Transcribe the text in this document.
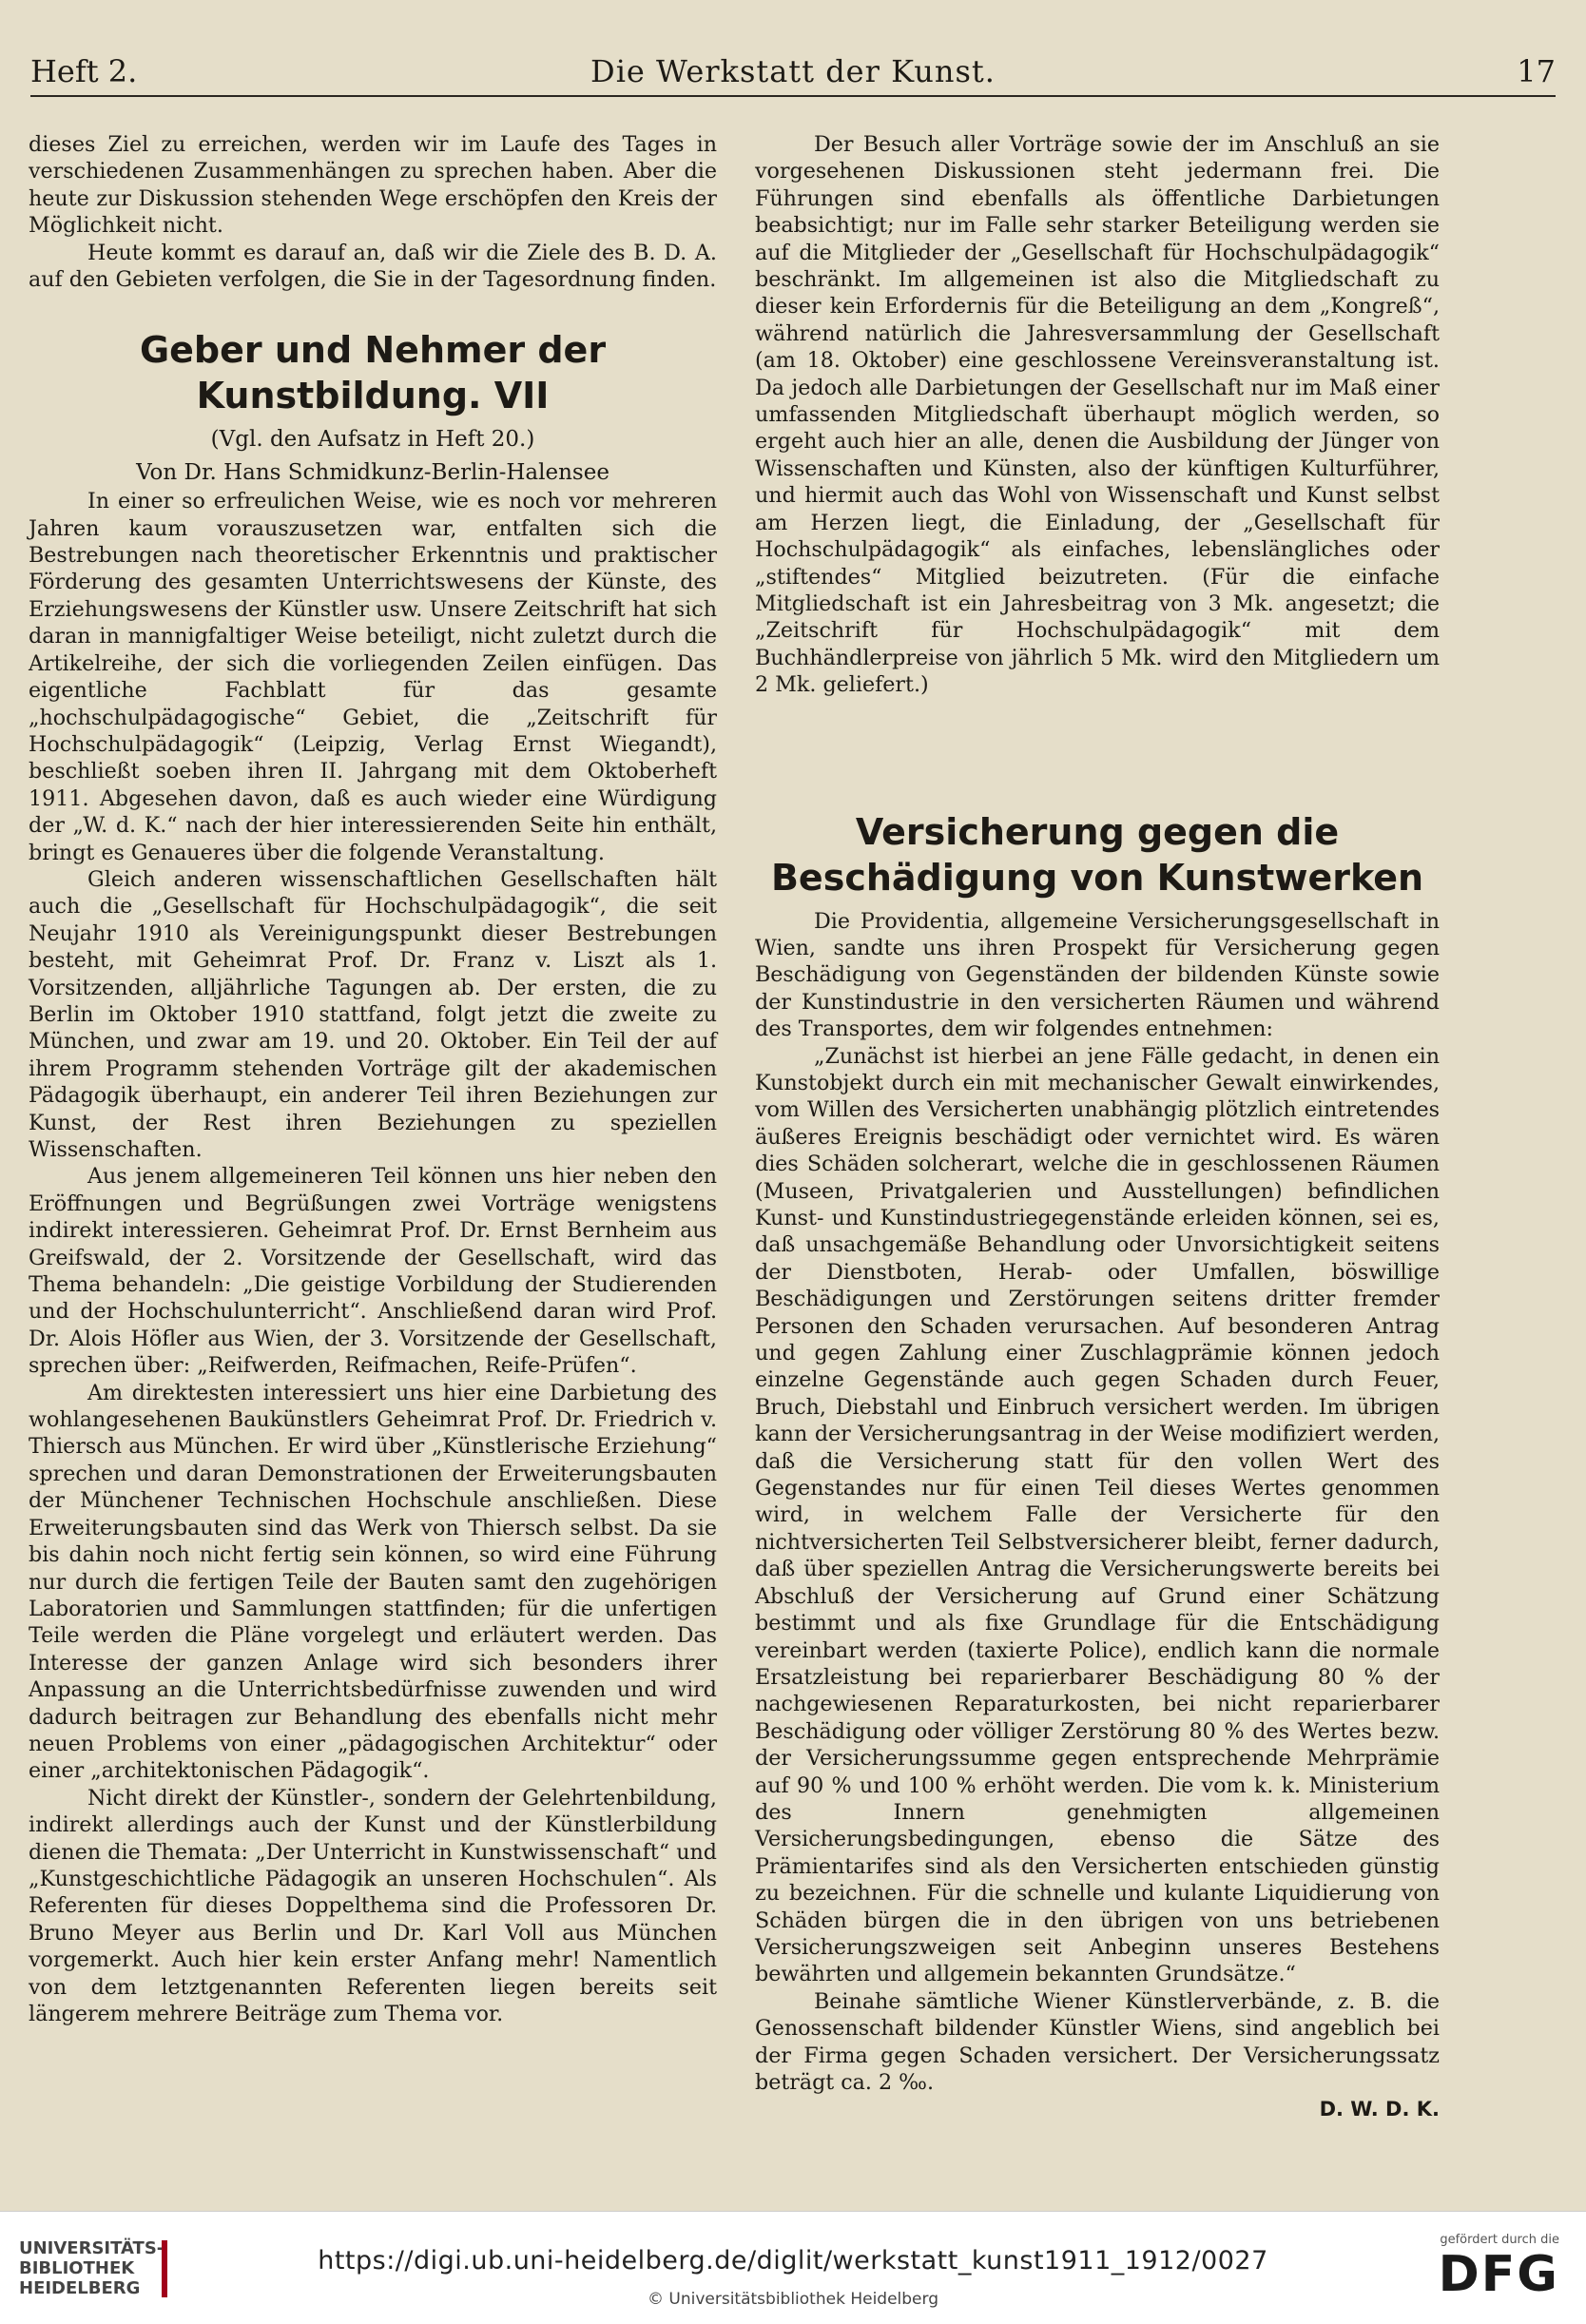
Heft 2.	Die Werkstatt der Kunst.	17

dieses Ziel zu erreichen, werden wir im Laufe des Tages in verschiedenen Zusammenhängen zu sprechen haben. Aber die heute zur Diskussion stehenden Wege erschöpfen den Kreis der Möglichkeit nicht.

Heute kommt es darauf an, daß wir die Ziele des B. D. A. auf den Gebieten verfolgen, die Sie in der Tagesordnung finden.

Geber und Nehmer der Kunstbildung. VII
(Vgl. den Aufsatz in Heft 20.)
Von Dr. Hans Schmidkunz-Berlin-Halensee

In einer so erfreulichen Weise, wie es noch vor mehreren Jahren kaum vorauszusetzen war, entfalten sich die Bestrebungen nach theoretischer Erkenntnis und praktischer Förderung des gesamten Unterrichtswesens der Künste, des Erziehungswesens der Künstler usw. Unsere Zeitschrift hat sich daran in mannigfaltiger Weise beteiligt, nicht zuletzt durch die Artikelreihe, der sich die vorliegenden Zeilen einfügen. Das eigentliche Fachblatt für das gesamte „hochschulpädagogische“ Gebiet, die „Zeitschrift für Hochschulpädagogik“ (Leipzig, Verlag Ernst Wiegandt), beschließt soeben ihren II. Jahrgang mit dem Oktoberheft 1911. Abgesehen davon, daß es auch wieder eine Würdigung der „W. d. K.“ nach der hier interessierenden Seite hin enthält, bringt es Genaueres über die folgende Veranstaltung.

Gleich anderen wissenschaftlichen Gesellschaften hält auch die „Gesellschaft für Hochschulpädagogik“, die seit Neujahr 1910 als Vereinigungspunkt dieser Bestrebungen besteht, mit Geheimrat Prof. Dr. Franz v. Liszt als 1. Vorsitzenden, alljährliche Tagungen ab. Der ersten, die zu Berlin im Oktober 1910 stattfand, folgt jetzt die zweite zu München, und zwar am 19. und 20. Oktober. Ein Teil der auf ihrem Programm stehenden Vorträge gilt der akademischen Pädagogik überhaupt, ein anderer Teil ihren Beziehungen zur Kunst, der Rest ihren Beziehungen zu speziellen Wissenschaften.

Aus jenem allgemeineren Teil können uns hier neben den Eröffnungen und Begrüßungen zwei Vorträge wenigstens indirekt interessieren. Geheimrat Prof. Dr. Ernst Bernheim aus Greifswald, der 2. Vorsitzende der Gesellschaft, wird das Thema behandeln: „Die geistige Vorbildung der Studierenden und der Hochschulunterricht“. Anschließend daran wird Prof. Dr. Alois Höfler aus Wien, der 3. Vorsitzende der Gesellschaft, sprechen über: „Reifwerden, Reifmachen, Reife-Prüfen“.

Am direktesten interessiert uns hier eine Darbietung des wohlangesehenen Baukünstlers Geheimrat Prof. Dr. Friedrich v. Thiersch aus München. Er wird über „Künstlerische Erziehung“ sprechen und daran Demonstrationen der Erweiterungsbauten der Münchener Technischen Hochschule anschließen. Diese Erweiterungsbauten sind das Werk von Thiersch selbst. Da sie bis dahin noch nicht fertig sein können, so wird eine Führung nur durch die fertigen Teile der Bauten samt den zugehörigen Laboratorien und Sammlungen stattfinden; für die unfertigen Teile werden die Pläne vorgelegt und erläutert werden. Das Interesse der ganzen Anlage wird sich besonders ihrer Anpassung an die Unterrichtsbedürfnisse zuwenden und wird dadurch beitragen zur Behandlung des ebenfalls nicht mehr neuen Problems von einer „pädagogischen Architektur“ oder einer „architektonischen Pädagogik“.

Nicht direkt der Künstler-, sondern der Gelehrtenbildung, indirekt allerdings auch der Kunst und der Künstlerbildung dienen die Themata: „Der Unterricht in Kunstwissenschaft“ und „Kunstgeschichtliche Pädagogik an unseren Hochschulen“. Als Referenten für dieses Doppelthema sind die Professoren Dr. Bruno Meyer aus Berlin und Dr. Karl Voll aus München vorgemerkt. Auch hier kein erster Anfang mehr! Namentlich von dem letztgenannten Referenten liegen bereits seit längerem mehrere Beiträge zum Thema vor.

Der Besuch aller Vorträge sowie der im Anschluß an sie vorgesehenen Diskussionen steht jedermann frei. Die Führungen sind ebenfalls als öffentliche Darbietungen beabsichtigt; nur im Falle sehr starker Beteiligung werden sie auf die Mitglieder der „Gesellschaft für Hochschulpädagogik“ beschränkt. Im allgemeinen ist also die Mitgliedschaft zu dieser kein Erfordernis für die Beteiligung an dem „Kongreß“, während natürlich die Jahresversammlung der Gesellschaft (am 18. Oktober) eine geschlossene Vereinsveranstaltung ist. Da jedoch alle Darbietungen der Gesellschaft nur im Maß einer umfassenden Mitgliedschaft überhaupt möglich werden, so ergeht auch hier an alle, denen die Ausbildung der Jünger von Wissenschaften und Künsten, also der künftigen Kulturführer, und hiermit auch das Wohl von Wissenschaft und Kunst selbst am Herzen liegt, die Einladung, der „Gesellschaft für Hochschulpädagogik“ als einfaches, lebenslängliches oder „stiftendes“ Mitglied beizutreten. (Für die einfache Mitgliedschaft ist ein Jahresbeitrag von 3 Mk. angesetzt; die „Zeitschrift für Hochschulpädagogik“ mit dem Buchhändlerpreise von jährlich 5 Mk. wird den Mitgliedern um 2 Mk. geliefert.)

Versicherung gegen die Beschädigung von Kunstwerken

Die Providentia, allgemeine Versicherungsgesellschaft in Wien, sandte uns ihren Prospekt für Versicherung gegen Beschädigung von Gegenständen der bildenden Künste sowie der Kunstindustrie in den versicherten Räumen und während des Transportes, dem wir folgendes entnehmen:

„Zunächst ist hierbei an jene Fälle gedacht, in denen ein Kunstobjekt durch ein mit mechanischer Gewalt einwirkendes, vom Willen des Versicherten unabhängig plötzlich eintretendes äußeres Ereignis beschädigt oder vernichtet wird. Es wären dies Schäden solcherart, welche die in geschlossenen Räumen (Museen, Privatgalerien und Ausstellungen) befindlichen Kunst- und Kunstindustriegegenstände erleiden können, sei es, daß unsachgemäße Behandlung oder Unvorsichtigkeit seitens der Dienstboten, Herab- oder Umfallen, böswillige Beschädigungen und Zerstörungen seitens dritter fremder Personen den Schaden verursachen. Auf besonderen Antrag und gegen Zahlung einer Zuschlagprämie können jedoch einzelne Gegenstände auch gegen Schaden durch Feuer, Bruch, Diebstahl und Einbruch versichert werden. Im übrigen kann der Versicherungsantrag in der Weise modifiziert werden, daß die Versicherung statt für den vollen Wert des Gegenstandes nur für einen Teil dieses Wertes genommen wird, in welchem Falle der Versicherte für den nichtversicherten Teil Selbstversicherer bleibt, ferner dadurch, daß über speziellen Antrag die Versicherungswerte bereits bei Abschluß der Versicherung auf Grund einer Schätzung bestimmt und als fixe Grundlage für die Entschädigung vereinbart werden (taxierte Police), endlich kann die normale Ersatzleistung bei reparierbarer Beschädigung 80 % der nachgewiesenen Reparaturkosten, bei nicht reparierbarer Beschädigung oder völliger Zerstörung 80 % des Wertes bezw. der Versicherungssumme gegen entsprechende Mehrprämie auf 90 % und 100 % erhöht werden. Die vom k. k. Ministerium des Innern genehmigten allgemeinen Versicherungsbedingungen, ebenso die Sätze des Prämientarifes sind als den Versicherten entschieden günstig zu bezeichnen. Für die schnelle und kulante Liquidierung von Schäden bürgen die in den übrigen von uns betriebenen Versicherungszweigen seit Anbeginn unseres Bestehens bewährten und allgemein bekannten Grundsätze.“

Beinahe sämtliche Wiener Künstlerverbände, z. B. die Genossenschaft bildender Künstler Wiens, sind angeblich bei der Firma gegen Schaden versichert. Der Versicherungssatz beträgt ca. 2 ‰.

D. W. D. K.
UNIVERSITÄTS-
BIBLIOTHEK
HEIDELBERG
https://digi.ub.uni-heidelberg.de/diglit/werkstatt_kunst1911_1912/0027
© Universitätsbibliothek Heidelberg
gefördert durch die
DFG
